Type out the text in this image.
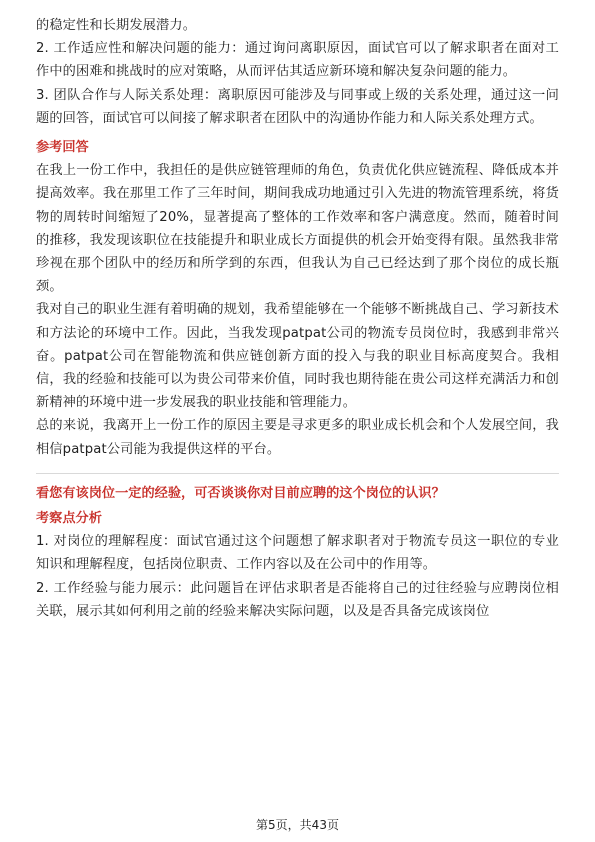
的稳定性和长期发展潜力。

2. 工作适应性和解决问题的能力：通过询问离职原因，面试官可以了解求职者在面对工作中的困难和挑战时的应对策略，从而评估其适应新环境和解决复杂问题的能力。

3. 团队合作与人际关系处理：离职原因可能涉及与同事或上级的关系处理，通过这一问题的回答，面试官可以间接了解求职者在团队中的沟通协作能力和人际关系处理方式。

参考回答

在我上一份工作中，我担任的是供应链管理师的角色，负责优化供应链流程、降低成本并提高效率。我在那里工作了三年时间，期间我成功地通过引入先进的物流管理系统，将货物的周转时间缩短了20%，显著提高了整体的工作效率和客户满意度。然而，随着时间的推移，我发现该职位在技能提升和职业成长方面提供的机会开始变得有限。虽然我非常珍视在那个团队中的经历和所学到的东西，但我认为自己已经达到了那个岗位的成长瓶颈。

我对自己的职业生涯有着明确的规划，我希望能够在一个能够不断挑战自己、学习新技术和方法论的环境中工作。因此，当我发现patpat公司的物流专员岗位时，我感到非常兴奋。patpat公司在智能物流和供应链创新方面的投入与我的职业目标高度契合。我相信，我的经验和技能可以为贵公司带来价值，同时我也期待能在贵公司这样充满活力和创新精神的环境中进一步发展我的职业技能和管理能力。

总的来说，我离开上一份工作的原因主要是寻求更多的职业成长机会和个人发展空间，我相信patpat公司能为我提供这样的平台。

看您有该岗位一定的经验，可否谈谈你对目前应聘的这个岗位的认识？

考察点分析

1. 对岗位的理解程度：面试官通过这个问题想了解求职者对于物流专员这一职位的专业知识和理解程度，包括岗位职责、工作内容以及在公司中的作用等。

2. 工作经验与能力展示：此问题旨在评估求职者是否能将自己的过往经验与应聘岗位相关联，展示其如何利用之前的经验来解决实际问题，以及是否具备完成该岗位

第5页，共43页
